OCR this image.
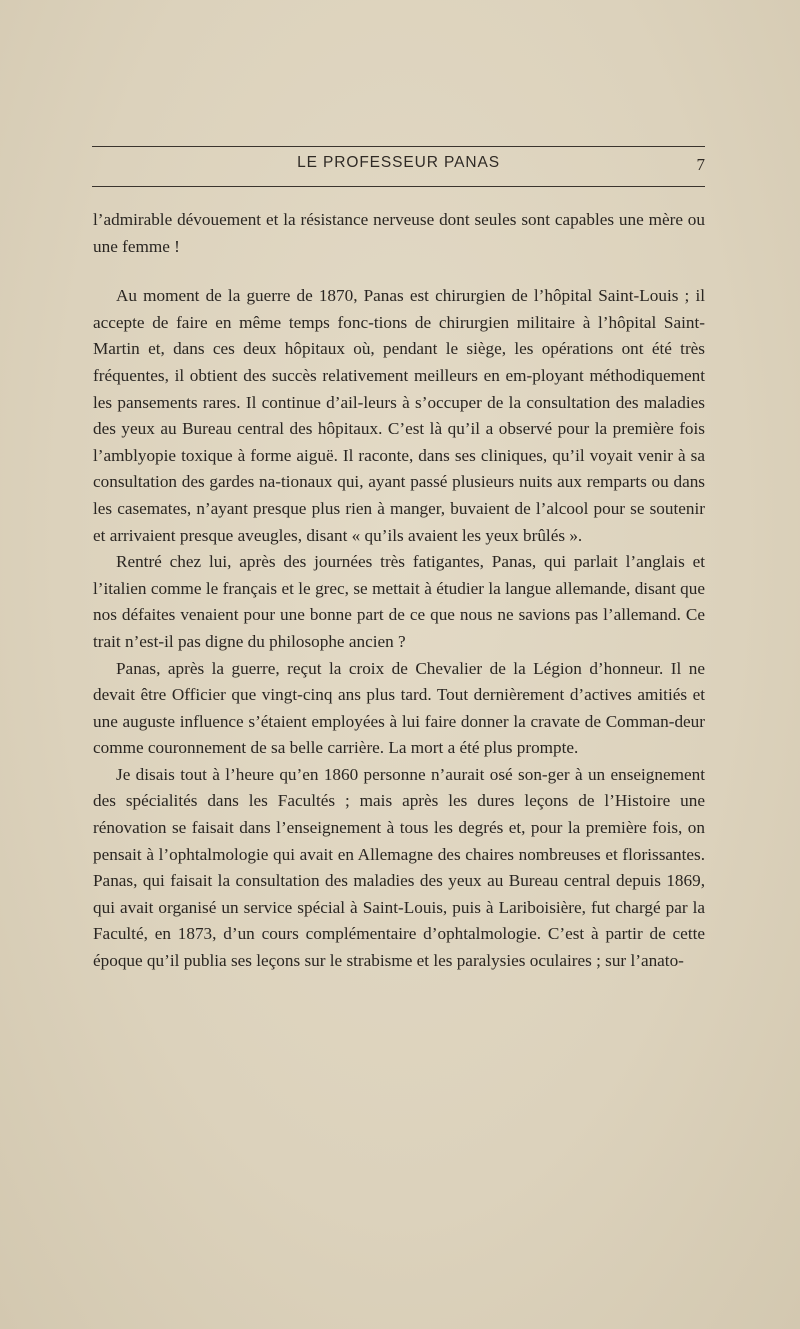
LE PROFESSEUR PANAS	7

l’admirable dévouement et la résistance nerveuse dont seules sont capables une mère ou une femme !

Au moment de la guerre de 1870, Panas est chirurgien de l’hôpital Saint-Louis ; il accepte de faire en même temps fonc-tions de chirurgien militaire à l’hôpital Saint-Martin et, dans ces deux hôpitaux où, pendant le siège, les opérations ont été très fréquentes, il obtient des succès relativement meilleurs en em-ployant méthodiquement les pansements rares. Il continue d’ail-leurs à s’occuper de la consultation des maladies des yeux au Bureau central des hôpitaux. C’est là qu’il a observé pour la première fois l’amblyopie toxique à forme aiguë. Il raconte, dans ses cliniques, qu’il voyait venir à sa consultation des gardes na-tionaux qui, ayant passé plusieurs nuits aux remparts ou dans les casemates, n’ayant presque plus rien à manger, buvaient de l’alcool pour se soutenir et arrivaient presque aveugles, disant « qu’ils avaient les yeux brûlés ».

Rentré chez lui, après des journées très fatigantes, Panas, qui parlait l’anglais et l’italien comme le français et le grec, se mettait à étudier la langue allemande, disant que nos défaites venaient pour une bonne part de ce que nous ne savions pas l’allemand. Ce trait n’est-il pas digne du philosophe ancien ?

Panas, après la guerre, reçut la croix de Chevalier de la Légion d’honneur. Il ne devait être Officier que vingt-cinq ans plus tard. Tout dernièrement d’actives amitiés et une auguste influence s’étaient employées à lui faire donner la cravate de Comman-deur comme couronnement de sa belle carrière. La mort a été plus prompte.

Je disais tout à l’heure qu’en 1860 personne n’aurait osé son-ger à un enseignement des spécialités dans les Facultés ; mais après les dures leçons de l’Histoire une rénovation se faisait dans l’enseignement à tous les degrés et, pour la première fois, on pensait à l’ophtalmologie qui avait en Allemagne des chaires nombreuses et florissantes. Panas, qui faisait la consultation des maladies des yeux au Bureau central depuis 1869, qui avait organisé un service spécial à Saint-Louis, puis à Lariboisière, fut chargé par la Faculté, en 1873, d’un cours complémentaire d’ophtalmologie. C’est à partir de cette époque qu’il publia ses leçons sur le strabisme et les paralysies oculaires ; sur l’anato-
